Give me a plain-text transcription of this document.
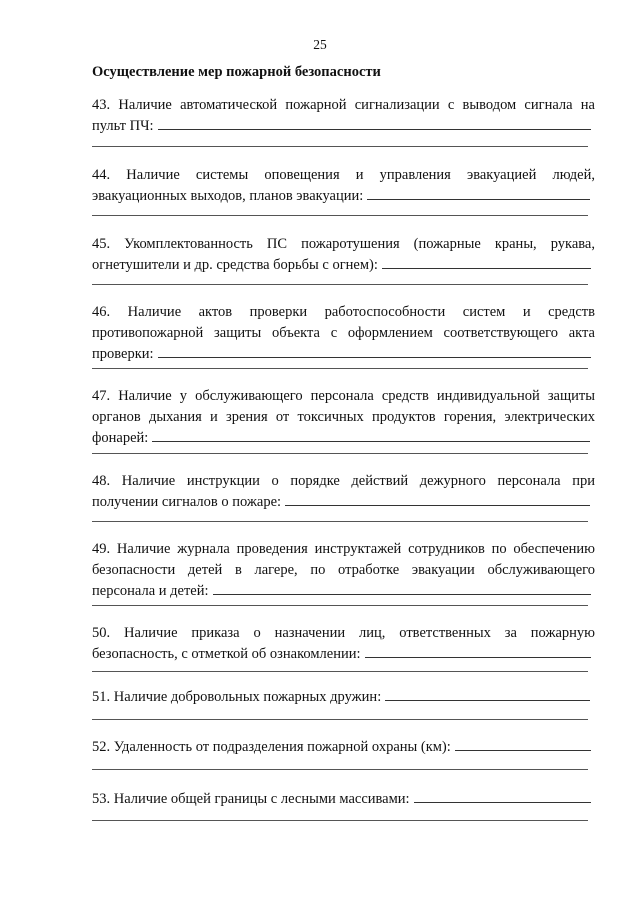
25
Осуществление мер пожарной безопасности
43. Наличие автоматической пожарной сигнализации с выводом сигнала на пульт ПЧ:
44. Наличие системы оповещения и управления эвакуацией людей, эвакуационных выходов, планов эвакуации:
45. Укомплектованность ПС пожаротушения (пожарные краны, рукава, огнетушители и др. средства борьбы с огнем):
46. Наличие актов проверки работоспособности систем и средств противопожарной защиты объекта с оформлением соответствующего акта проверки:
47. Наличие у обслуживающего персонала средств индивидуальной защиты органов дыхания и зрения от токсичных продуктов горения, электрических фонарей:
48. Наличие инструкции о порядке действий дежурного персонала при получении сигналов о пожаре:
49. Наличие журнала проведения инструктажей сотрудников по обеспечению безопасности детей в лагере, по отработке эвакуации обслуживающего персонала и детей:
50. Наличие приказа о назначении лиц, ответственных за пожарную безопасность, с отметкой об ознакомлении:
51. Наличие добровольных пожарных дружин:
52. Удаленность от подразделения пожарной охраны (км):
53. Наличие общей границы с лесными массивами:
